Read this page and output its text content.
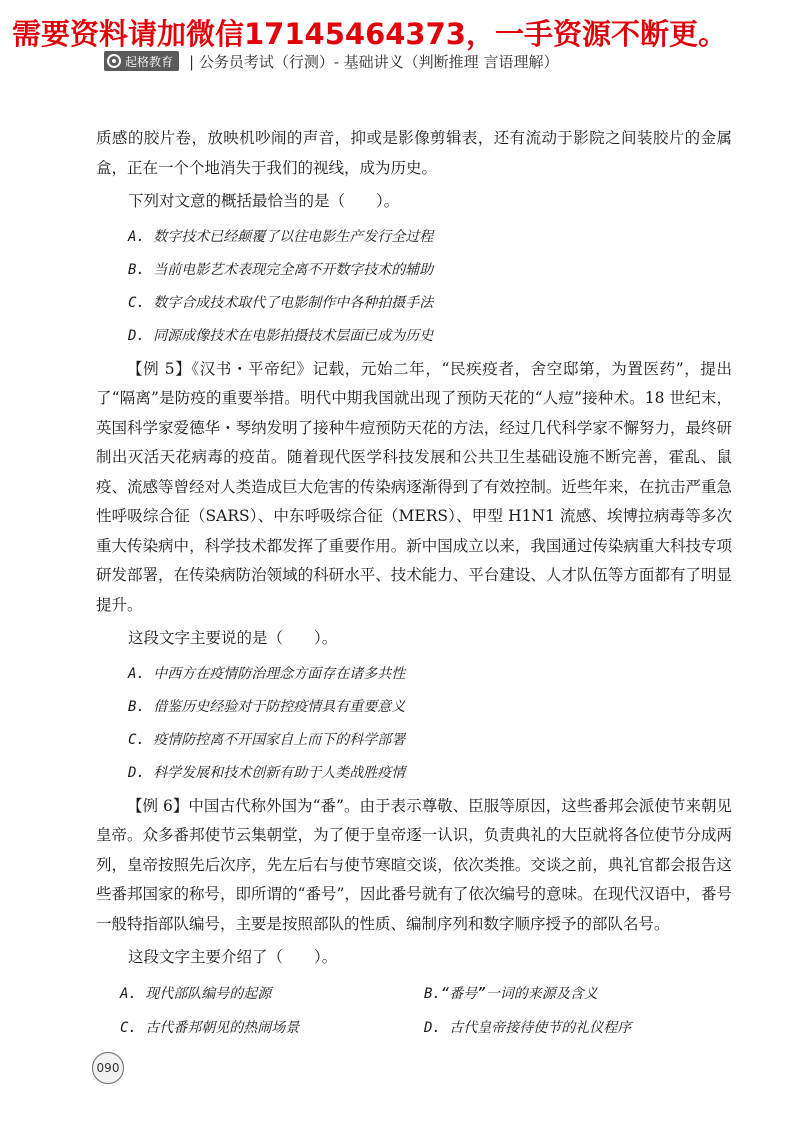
需要资料请加微信17145464373，一手资源不断更。
起格教育 | 公务员考试（行测）- 基础讲义（判断推理 言语理解）

质感的胶片卷，放映机吵闹的声音，抑或是影像剪辑表，还有流动于影院之间装胶片的金属盒，正在一个个地消失于我们的视线，成为历史。

下列对文意的概括最恰当的是（　　）。
A. 数字技术已经颠覆了以往电影生产发行全过程
B. 当前电影艺术表现完全离不开数字技术的辅助
C. 数字合成技术取代了电影制作中各种拍摄手法
D. 同源成像技术在电影拍摄技术层面已成为历史

【例 5】《汉书・平帝纪》记载，元始二年，“民疾疫者，舍空邸第，为置医药”，提出了“隔离”是防疫的重要举措。明代中期我国就出现了预防天花的“人痘”接种术。18 世纪末，英国科学家爱德华・琴纳发明了接种牛痘预防天花的方法，经过几代科学家不懈努力，最终研制出灭活天花病毒的疫苗。随着现代医学科技发展和公共卫生基础设施不断完善，霍乱、鼠疫、流感等曾经对人类造成巨大危害的传染病逐渐得到了有效控制。近些年来，在抗击严重急性呼吸综合征（SARS）、中东呼吸综合征（MERS）、甲型 H1N1 流感、埃博拉病毒等多次重大传染病中，科学技术都发挥了重要作用。新中国成立以来，我国通过传染病重大科技专项研发部署，在传染病防治领域的科研水平、技术能力、平台建设、人才队伍等方面都有了明显提升。

这段文字主要说的是（　　）。
A. 中西方在疫情防治理念方面存在诸多共性
B. 借鉴历史经验对于防控疫情具有重要意义
C. 疫情防控离不开国家自上而下的科学部署
D. 科学发展和技术创新有助于人类战胜疫情

【例 6】中国古代称外国为“番”。由于表示尊敬、臣服等原因，这些番邦会派使节来朝见皇帝。众多番邦使节云集朝堂，为了便于皇帝逐一认识，负责典礼的大臣就将各位使节分成两列，皇帝按照先后次序，先左后右与使节寒暄交谈，依次类推。交谈之前，典礼官都会报告这些番邦国家的称号，即所谓的“番号”，因此番号就有了依次编号的意味。在现代汉语中，番号一般特指部队编号，主要是按照部队的性质、编制序列和数字顺序授予的部队名号。

这段文字主要介绍了（　　）。
A. 现代部队编号的起源	B.“番号”一词的来源及含义
C. 古代番邦朝见的热闹场景	D. 古代皇帝接待使节的礼仪程序
090
